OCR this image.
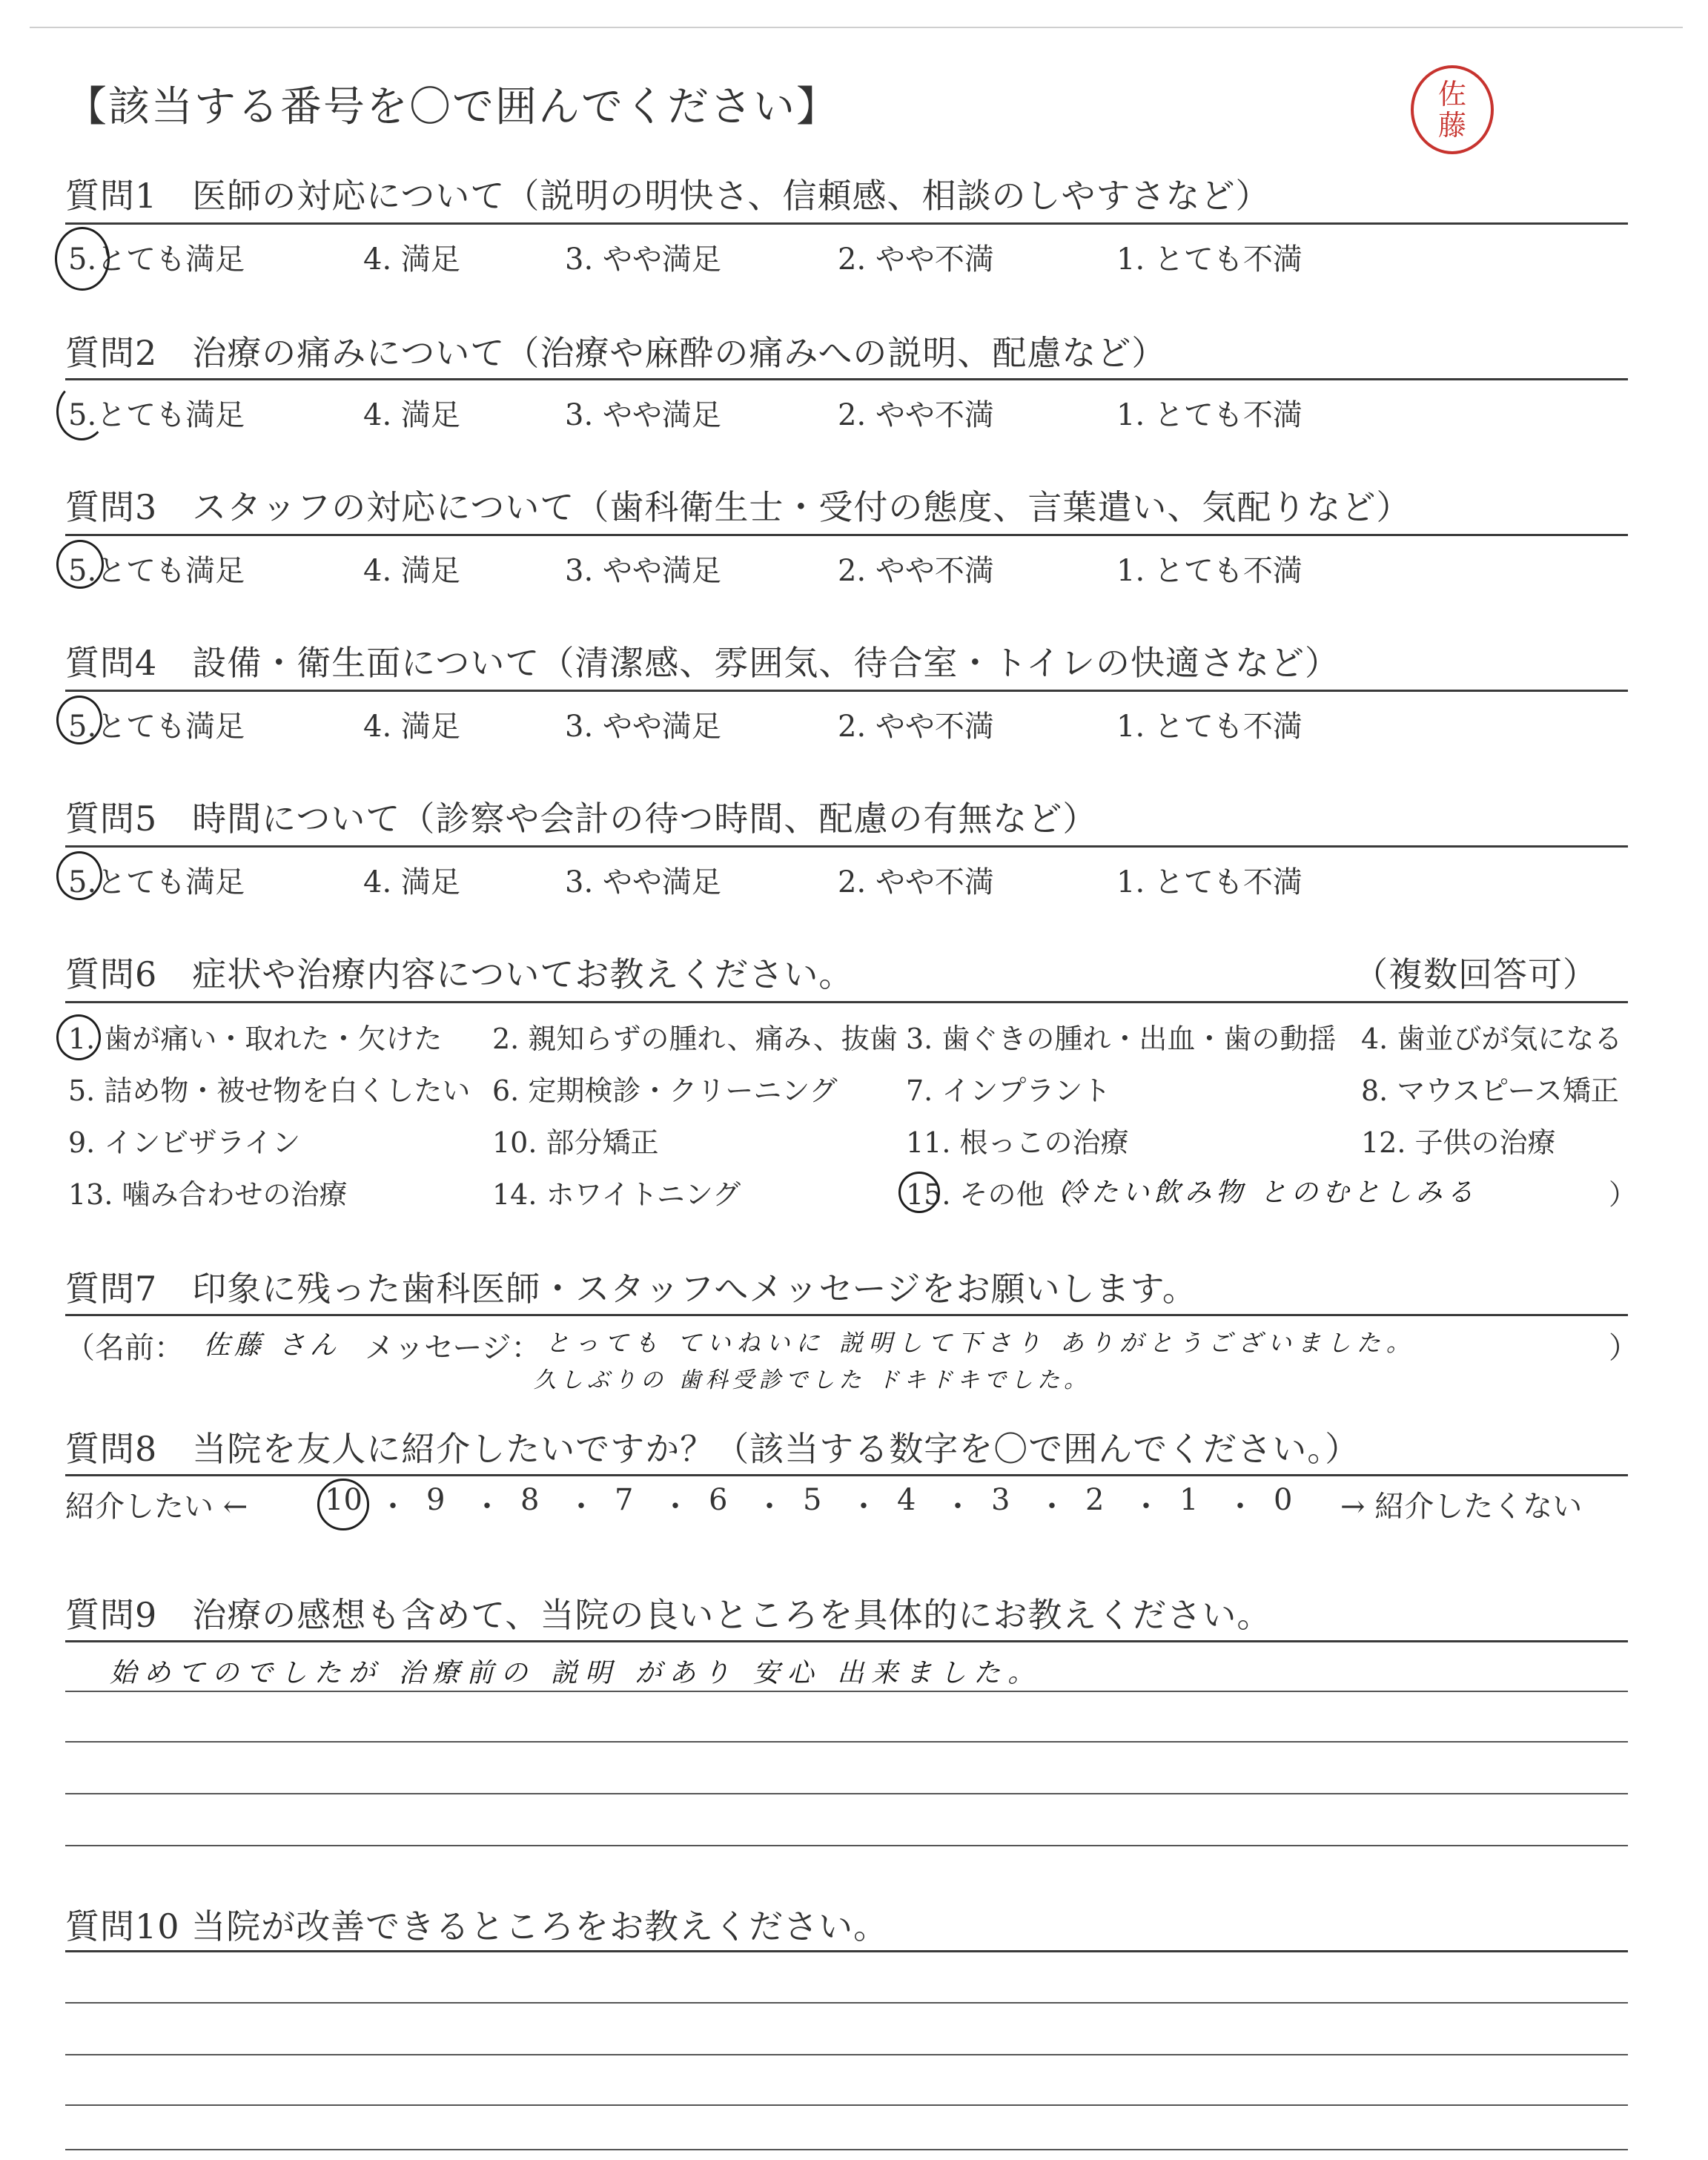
【該当する番号を〇で囲んでください】	佐
藤
質問1　医師の対応について（説明の明快さ、信頼感、相談のしやすさなど）
5.とても満足	4. 満足	3. やや満足	2. やや不満	1. とても不満
質問2　治療の痛みについて（治療や麻酔の痛みへの説明、配慮など）
5.とても満足	4. 満足	3. やや満足	2. やや不満	1. とても不満
質問3　スタッフの対応について（歯科衛生士・受付の態度、言葉遣い、気配りなど）
5.とても満足	4. 満足	3. やや満足	2. やや不満	1. とても不満
質問4　設備・衛生面について（清潔感、雰囲気、待合室・トイレの快適さなど）
5.とても満足	4. 満足	3. やや満足	2. やや不満	1. とても不満
質問5　時間について（診察や会計の待つ時間、配慮の有無など）
5.とても満足	4. 満足	3. やや満足	2. やや不満	1. とても不満
質問6　症状や治療内容についてお教えください。	（複数回答可）
1. 歯が痛い・取れた・欠けた 2. 親知らずの腫れ、痛み、抜歯 3. 歯ぐきの腫れ・出血・歯の動揺 4. 歯並びが気になる
5. 詰め物・被せ物を白くしたい 6. 定期検診・クリーニング 7. インプラント	8. マウスピース矯正
9. インビザライン	10. 部分矯正	11. 根っこの治療	12. 子供の治療
13. 噛み合わせの治療	14. ホワイトニング	15. その他（
冷たい飲み物 とのむとしみる	）
質問7　印象に残った歯科医師・スタッフへメッセージをお願いします。
（名前： 佐藤 さん メッセージ： とっても ていねいに 説明して下さり ありがとうございました。
久しぶりの 歯科受診でした ドキドキでした。
）
質問8　当院を友人に紹介したいですか？（該当する数字を〇で囲んでください。）
紹介したい ←	10 ・ 9 ・ 8 ・ 7 ・ 6 ・ 5 ・ 4 ・ 3 ・ 2 ・ 1 ・ 0 → 紹介したくない
質問9　治療の感想も含めて、当院の良いところを具体的にお教えください。
始めてのでしたが 治療前の 説明 があり 安心 出来ました。
質問10 当院が改善できるところをお教えください。
